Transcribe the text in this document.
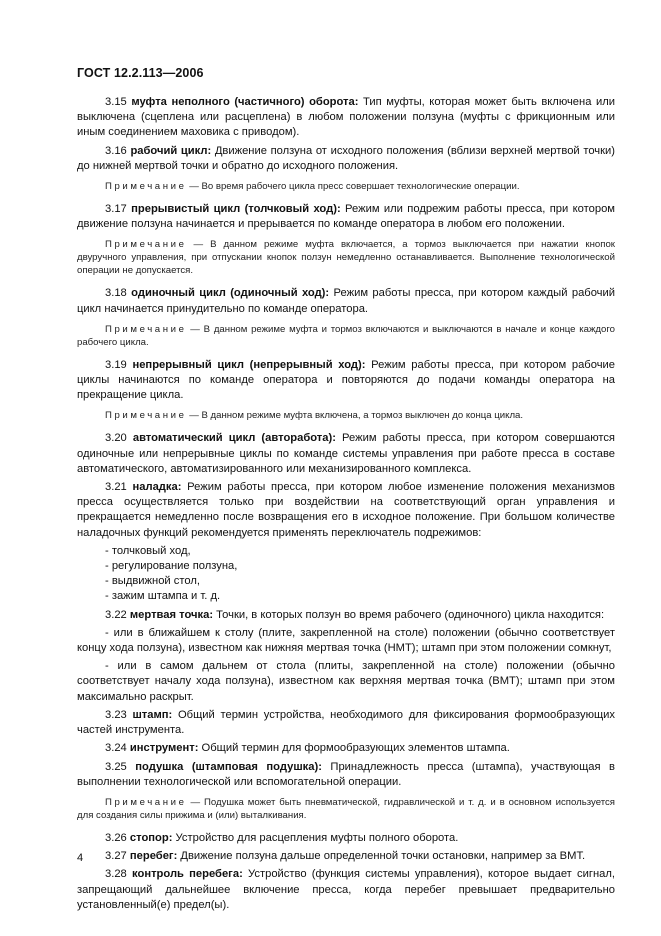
ГОСТ 12.2.113—2006

3.15 муфта неполного (частичного) оборота: Тип муфты, которая может быть включена или выключена (сцеплена или расцеплена) в любом положении ползуна (муфты с фрикционным или иным соединением маховика с приводом).

3.16 рабочий цикл: Движение ползуна от исходного положения (вблизи верхней мертвой точки) до нижней мертвой точки и обратно до исходного положения.

Примечание — Во время рабочего цикла пресс совершает технологические операции.

3.17 прерывистый цикл (толчковый ход): Режим или подрежим работы пресса, при котором движение ползуна начинается и прерывается по команде оператора в любом его положении.

Примечание — В данном режиме муфта включается, а тормоз выключается при нажатии кнопок двуручного управления, при отпускании кнопок ползун немедленно останавливается. Выполнение технологической операции не допускается.

3.18 одиночный цикл (одиночный ход): Режим работы пресса, при котором каждый рабочий цикл начинается принудительно по команде оператора.

Примечание — В данном режиме муфта и тормоз включаются и выключаются в начале и конце каждого рабочего цикла.

3.19 непрерывный цикл (непрерывный ход): Режим работы пресса, при котором рабочие циклы начинаются по команде оператора и повторяются до подачи команды оператора на прекращение цикла.

Примечание — В данном режиме муфта включена, а тормоз выключен до конца цикла.

3.20 автоматический цикл (авторабота): Режим работы пресса, при котором совершаются одиночные или непрерывные циклы по команде системы управления при работе пресса в составе автоматического, автоматизированного или механизированного комплекса.

3.21 наладка: Режим работы пресса, при котором любое изменение положения механизмов пресса осуществляется только при воздействии на соответствующий орган управления и прекращается немедленно после возвращения его в исходное положение. При большом количестве наладочных функций рекомендуется применять переключатель подрежимов:

- толчковый ход,
- регулирование ползуна,
- выдвижной стол,
- зажим штампа и т. д.

3.22 мертвая точка: Точки, в которых ползун во время рабочего (одиночного) цикла находится:

- или в ближайшем к столу (плите, закрепленной на столе) положении (обычно соответствует концу хода ползуна), известном как нижняя мертвая точка (НМТ); штамп при этом положении сомкнут,

- или в самом дальнем от стола (плиты, закрепленной на столе) положении (обычно соответствует началу хода ползуна), известном как верхняя мертвая точка (ВМТ); штамп при этом максимально раскрыт.

3.23 штамп: Общий термин устройства, необходимого для фиксирования формообразующих частей инструмента.

3.24 инструмент: Общий термин для формообразующих элементов штампа.

3.25 подушка (штамповая подушка): Принадлежность пресса (штампа), участвующая в выполнении технологической или вспомогательной операции.

Примечание — Подушка может быть пневматической, гидравлической и т. д. и в основном используется для создания силы прижима и (или) выталкивания.

3.26 стопор: Устройство для расцепления муфты полного оборота.

3.27 перебег: Движение ползуна дальше определенной точки остановки, например за ВМТ.

3.28 контроль перебега: Устройство (функция системы управления), которое выдает сигнал, запрещающий дальнейшее включение пресса, когда перебег превышает предварительно установленный(е) предел(ы).

4
